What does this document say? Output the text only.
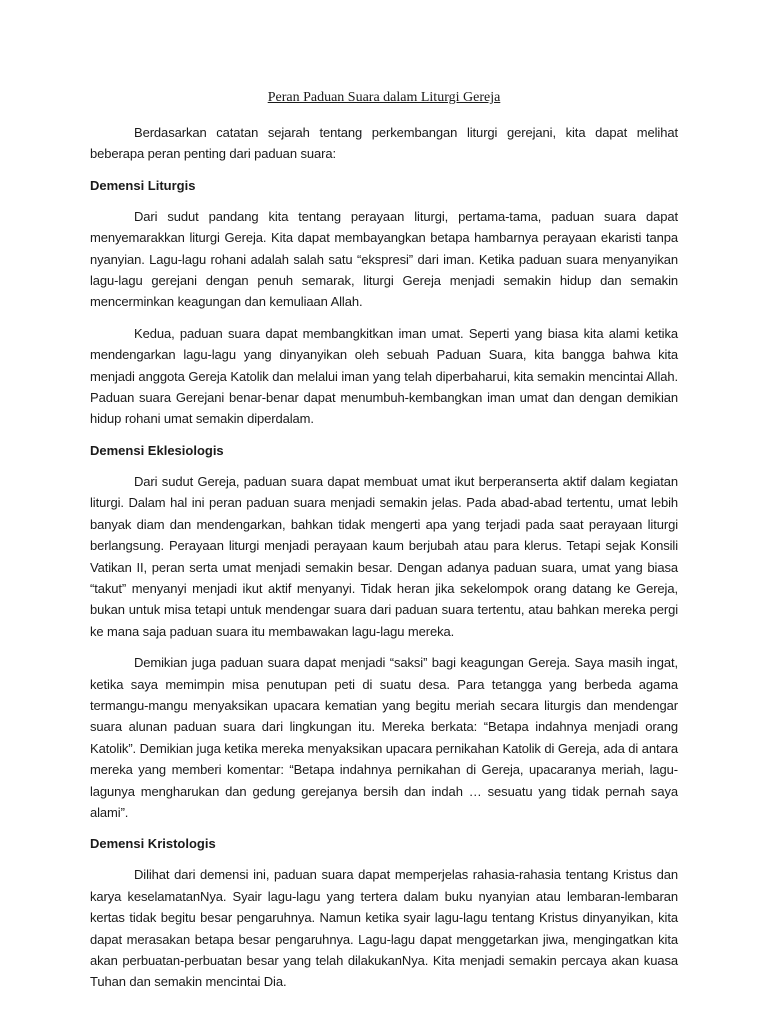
Peran Paduan Suara dalam Liturgi Gereja

Berdasarkan catatan sejarah tentang perkembangan liturgi gerejani, kita dapat melihat beberapa peran penting dari paduan suara:

Demensi Liturgis

Dari sudut pandang kita tentang perayaan liturgi, pertama-tama, paduan suara dapat menyemarakkan liturgi Gereja. Kita dapat membayangkan betapa hambarnya perayaan ekaristi tanpa nyanyian. Lagu-lagu rohani adalah salah satu “ekspresi” dari iman. Ketika paduan suara menyanyikan lagu-lagu gerejani dengan penuh semarak, liturgi Gereja menjadi semakin hidup dan semakin mencerminkan keagungan dan kemuliaan Allah.

Kedua, paduan suara dapat membangkitkan iman umat. Seperti yang biasa kita alami ketika mendengarkan lagu-lagu yang dinyanyikan oleh sebuah Paduan Suara, kita bangga bahwa kita menjadi anggota Gereja Katolik dan melalui iman yang telah diperbaharui, kita semakin mencintai Allah. Paduan suara Gerejani benar-benar dapat menumbuh-kembangkan iman umat dan dengan demikian hidup rohani umat semakin diperdalam.

Demensi Eklesiologis

Dari sudut Gereja, paduan suara dapat membuat umat ikut berperanserta aktif dalam kegiatan liturgi. Dalam hal ini peran paduan suara menjadi semakin jelas. Pada abad-abad tertentu, umat lebih banyak diam dan mendengarkan, bahkan tidak mengerti apa yang terjadi pada saat perayaan liturgi berlangsung. Perayaan liturgi menjadi perayaan kaum berjubah atau para klerus. Tetapi sejak Konsili Vatikan II, peran serta umat menjadi semakin besar. Dengan adanya paduan suara, umat yang biasa “takut” menyanyi menjadi ikut aktif menyanyi. Tidak heran jika sekelompok orang datang ke Gereja, bukan untuk misa tetapi untuk mendengar suara dari paduan suara tertentu, atau bahkan mereka pergi ke mana saja paduan suara itu membawakan lagu-lagu mereka.

Demikian juga paduan suara dapat menjadi “saksi” bagi keagungan Gereja. Saya masih ingat, ketika saya memimpin misa penutupan peti di suatu desa. Para tetangga yang berbeda agama termangu-mangu menyaksikan upacara kematian yang begitu meriah secara liturgis dan mendengar suara alunan paduan suara dari lingkungan itu. Mereka berkata: “Betapa indahnya menjadi orang Katolik”. Demikian juga ketika mereka menyaksikan upacara pernikahan Katolik di Gereja, ada di antara mereka yang memberi komentar: “Betapa indahnya pernikahan di Gereja, upacaranya meriah, lagu-lagunya mengharukan dan gedung gerejanya bersih dan indah … sesuatu yang tidak pernah saya alami”.

Demensi Kristologis

Dilihat dari demensi ini, paduan suara dapat memperjelas rahasia-rahasia tentang Kristus dan karya keselamatanNya. Syair lagu-lagu yang tertera dalam buku nyanyian atau lembaran-lembaran kertas tidak begitu besar pengaruhnya. Namun ketika syair lagu-lagu tentang Kristus dinyanyikan, kita dapat merasakan betapa besar pengaruhnya. Lagu-lagu dapat menggetarkan jiwa, mengingatkan kita akan perbuatan-perbuatan besar yang telah dilakukanNya. Kita menjadi semakin percaya akan kuasa Tuhan dan semakin mencintai Dia.
